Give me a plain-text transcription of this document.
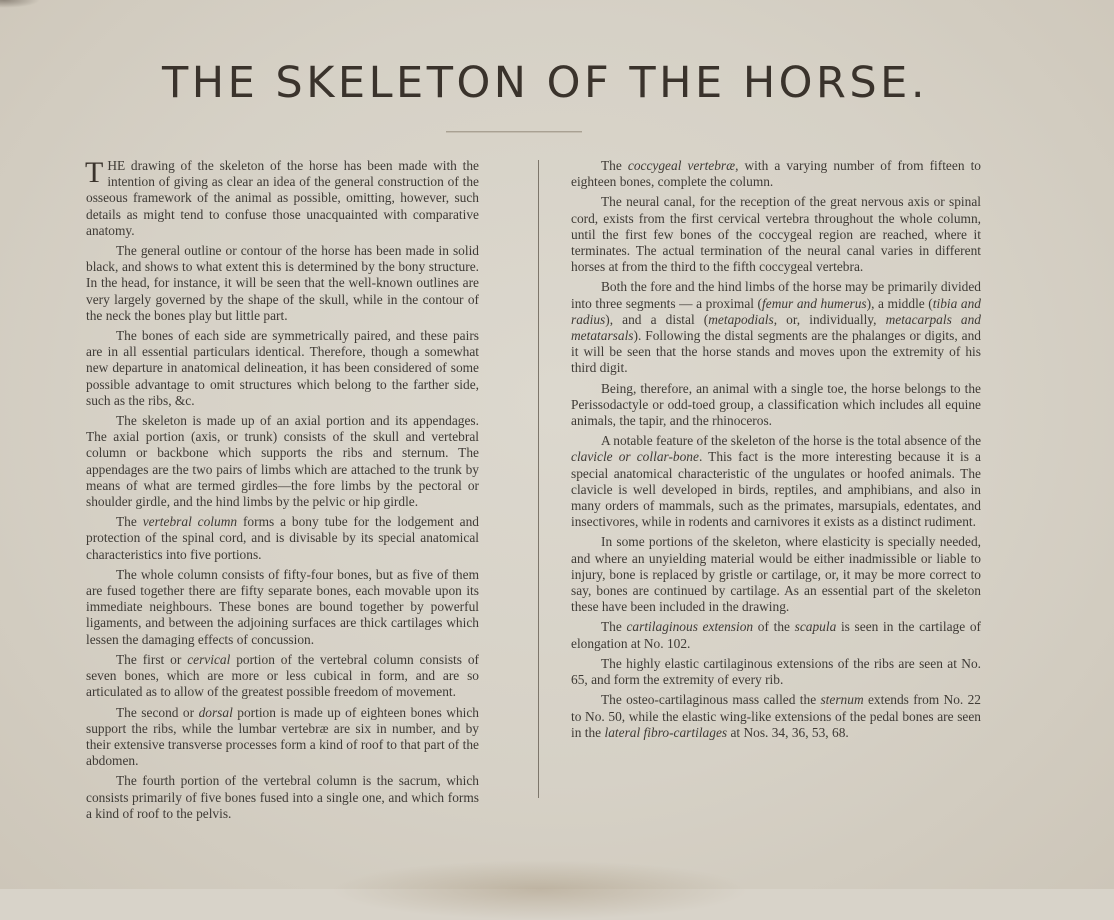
THE SKELETON OF THE HORSE.

THE drawing of the skeleton of the horse has been made with the intention of giving as clear an idea of the general construction of the osseous framework of the animal as possible, omitting, however, such details as might tend to confuse those unacquainted with comparative anatomy.

The general outline or contour of the horse has been made in solid black, and shows to what extent this is determined by the bony structure. In the head, for instance, it will be seen that the well-known outlines are very largely governed by the shape of the skull, while in the contour of the neck the bones play but little part.

The bones of each side are symmetrically paired, and these pairs are in all essential particulars identical. Therefore, though a somewhat new departure in anatomical delineation, it has been considered of some possible advantage to omit structures which belong to the farther side, such as the ribs, &c.

The skeleton is made up of an axial portion and its appendages. The axial portion (axis, or trunk) consists of the skull and vertebral column or backbone which supports the ribs and sternum. The appendages are the two pairs of limbs which are attached to the trunk by means of what are termed girdles—the fore limbs by the pectoral or shoulder girdle, and the hind limbs by the pelvic or hip girdle.

The vertebral column forms a bony tube for the lodgement and protection of the spinal cord, and is divisable by its special anatomical characteristics into five portions.

The whole column consists of fifty-four bones, but as five of them are fused together there are fifty separate bones, each movable upon its immediate neighbours. These bones are bound together by powerful ligaments, and between the adjoining surfaces are thick cartilages which lessen the damaging effects of concussion.

The first or cervical portion of the vertebral column consists of seven bones, which are more or less cubical in form, and are so articulated as to allow of the greatest possible freedom of movement.

The second or dorsal portion is made up of eighteen bones which support the ribs, while the lumbar vertebræ are six in number, and by their extensive transverse processes form a kind of roof to that part of the abdomen.

The fourth portion of the vertebral column is the sacrum, which consists primarily of five bones fused into a single one, and which forms a kind of roof to the pelvis.

The coccygeal vertebræ, with a varying number of from fifteen to eighteen bones, complete the column.

The neural canal, for the reception of the great nervous axis or spinal cord, exists from the first cervical vertebra throughout the whole column, until the first few bones of the coccygeal region are reached, where it terminates. The actual termination of the neural canal varies in different horses at from the third to the fifth coccygeal vertebra.

Both the fore and the hind limbs of the horse may be primarily divided into three segments — a proximal (femur and humerus), a middle (tibia and radius), and a distal (metapodials, or, individually, metacarpals and metatarsals). Following the distal segments are the phalanges or digits, and it will be seen that the horse stands and moves upon the extremity of his third digit.

Being, therefore, an animal with a single toe, the horse belongs to the Perissodactyle or odd-toed group, a classification which includes all equine animals, the tapir, and the rhinoceros.

A notable feature of the skeleton of the horse is the total absence of the clavicle or collar-bone. This fact is the more interesting because it is a special anatomical characteristic of the ungulates or hoofed animals. The clavicle is well developed in birds, reptiles, and amphibians, and also in many orders of mammals, such as the primates, marsupials, edentates, and insectivores, while in rodents and carnivores it exists as a distinct rudiment.

In some portions of the skeleton, where elasticity is specially needed, and where an unyielding material would be either inadmissible or liable to injury, bone is replaced by gristle or cartilage, or, it may be more correct to say, bones are continued by cartilage. As an essential part of the skeleton these have been included in the drawing.

The cartilaginous extension of the scapula is seen in the cartilage of elongation at No. 102.

The highly elastic cartilaginous extensions of the ribs are seen at No. 65, and form the extremity of every rib.

The osteo-cartilaginous mass called the sternum extends from No. 22 to No. 50, while the elastic wing-like extensions of the pedal bones are seen in the lateral fibro-cartilages at Nos. 34, 36, 53, 68.
